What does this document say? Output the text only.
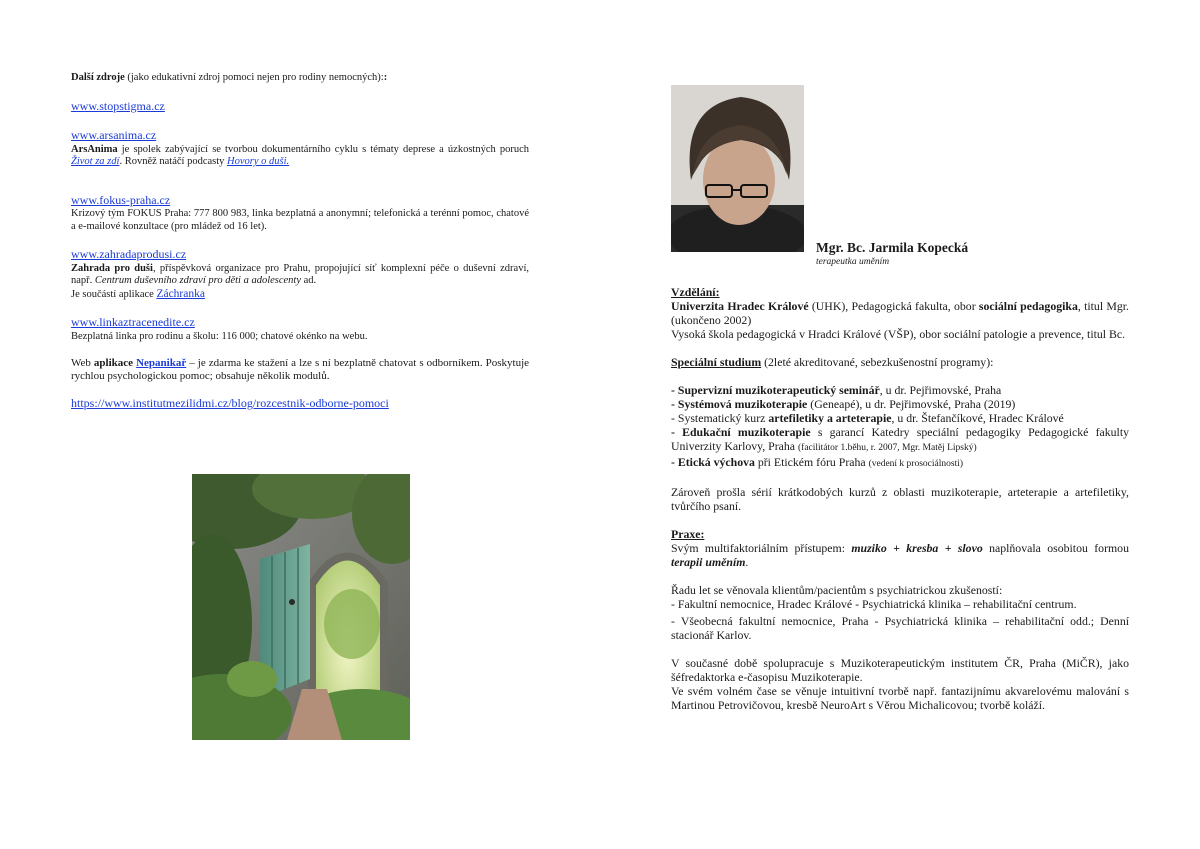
Další zdroje (jako edukativní zdroj pomoci nejen pro rodiny nemocných)::

www.stopstigma.cz

www.arsanima.cz

ArsAnima je spolek zabývající se tvorbou dokumentárního cyklu s tématy deprese a úzkostných poruch Život za zdí. Rovněž natáčí podcasty Hovory o duši.

www.fokus-praha.cz

Krizový tým FOKUS Praha: 777 800 983, linka bezplatná a anonymní; telefonická a terénní pomoc, chatové a e-mailové konzultace (pro mládež od 16 let).

www.zahradaprodusi.cz

Zahrada pro duši, příspěvková organizace pro Prahu, propojující síť komplexní péče o duševní zdraví, např. Centrum duševního zdraví pro děti a adolescenty ad.

Je součástí aplikace Záchranka

www.linkaztracenedite.cz

Bezplatná linka pro rodinu a školu: 116 000; chatové okénko na webu.

Web aplikace Nepanikař – je zdarma ke stažení a lze s ní bezplatně chatovat s odborníkem. Poskytuje rychlou psychologickou pomoc; obsahuje několik modulů.

https://www.institutmezilidmi.cz/blog/rozcestnik-odborne-pomoci

Mgr. Bc. Jarmila Kopecká
terapeutka uměním

Vzdělání:

Univerzita Hradec Králové (UHK), Pedagogická fakulta, obor sociální pedagogika, titul Mgr. (ukončeno 2002)

Vysoká škola pedagogická v Hradci Králové (VŠP), obor sociální patologie a prevence, titul Bc.

Speciální studium (2leté akreditované, sebezkušenostní programy):

- Supervizní muzikoterapeutický seminář, u dr. Pejřimovské, Praha

- Systémová muzikoterapie (Geneapé), u dr. Pejřimovské, Praha (2019)

- Systematický kurz artefiletiky a arteterapie, u dr. Štefančíkové, Hradec Králové

- Edukační muzikoterapie s garancí Katedry speciální pedagogiky Pedagogické fakulty Univerzity Karlovy, Praha (facilitátor 1.běhu, r. 2007, Mgr. Matěj Lipský)

- Etická výchova při Etickém fóru Praha (vedení k prosociálnosti)

Zároveň prošla sérií krátkodobých kurzů z oblasti muzikoterapie, arteterapie a artefiletiky, tvůrčího psaní.

Praxe:

Svým multifaktoriálním přístupem: muziko + kresba + slovo naplňovala osobitou formou terapii uměním.

Řadu let se věnovala klientům/pacientům s psychiatrickou zkušeností:

- Fakultní nemocnice, Hradec Králové - Psychiatrická klinika – rehabilitační centrum.

- Všeobecná fakultní nemocnice, Praha - Psychiatrická klinika – rehabilitační odd.; Denní stacionář Karlov.

V současné době spolupracuje s Muzikoterapeutickým institutem ČR, Praha (MiČR), jako šéfredaktorka e-časopisu Muzikoterapie.

Ve svém volném čase se věnuje intuitivní tvorbě např. fantazijnímu akvarelovému malování s Martinou Petrovičovou, kresbě NeuroArt s Věrou Michalicovou; tvorbě koláží.
